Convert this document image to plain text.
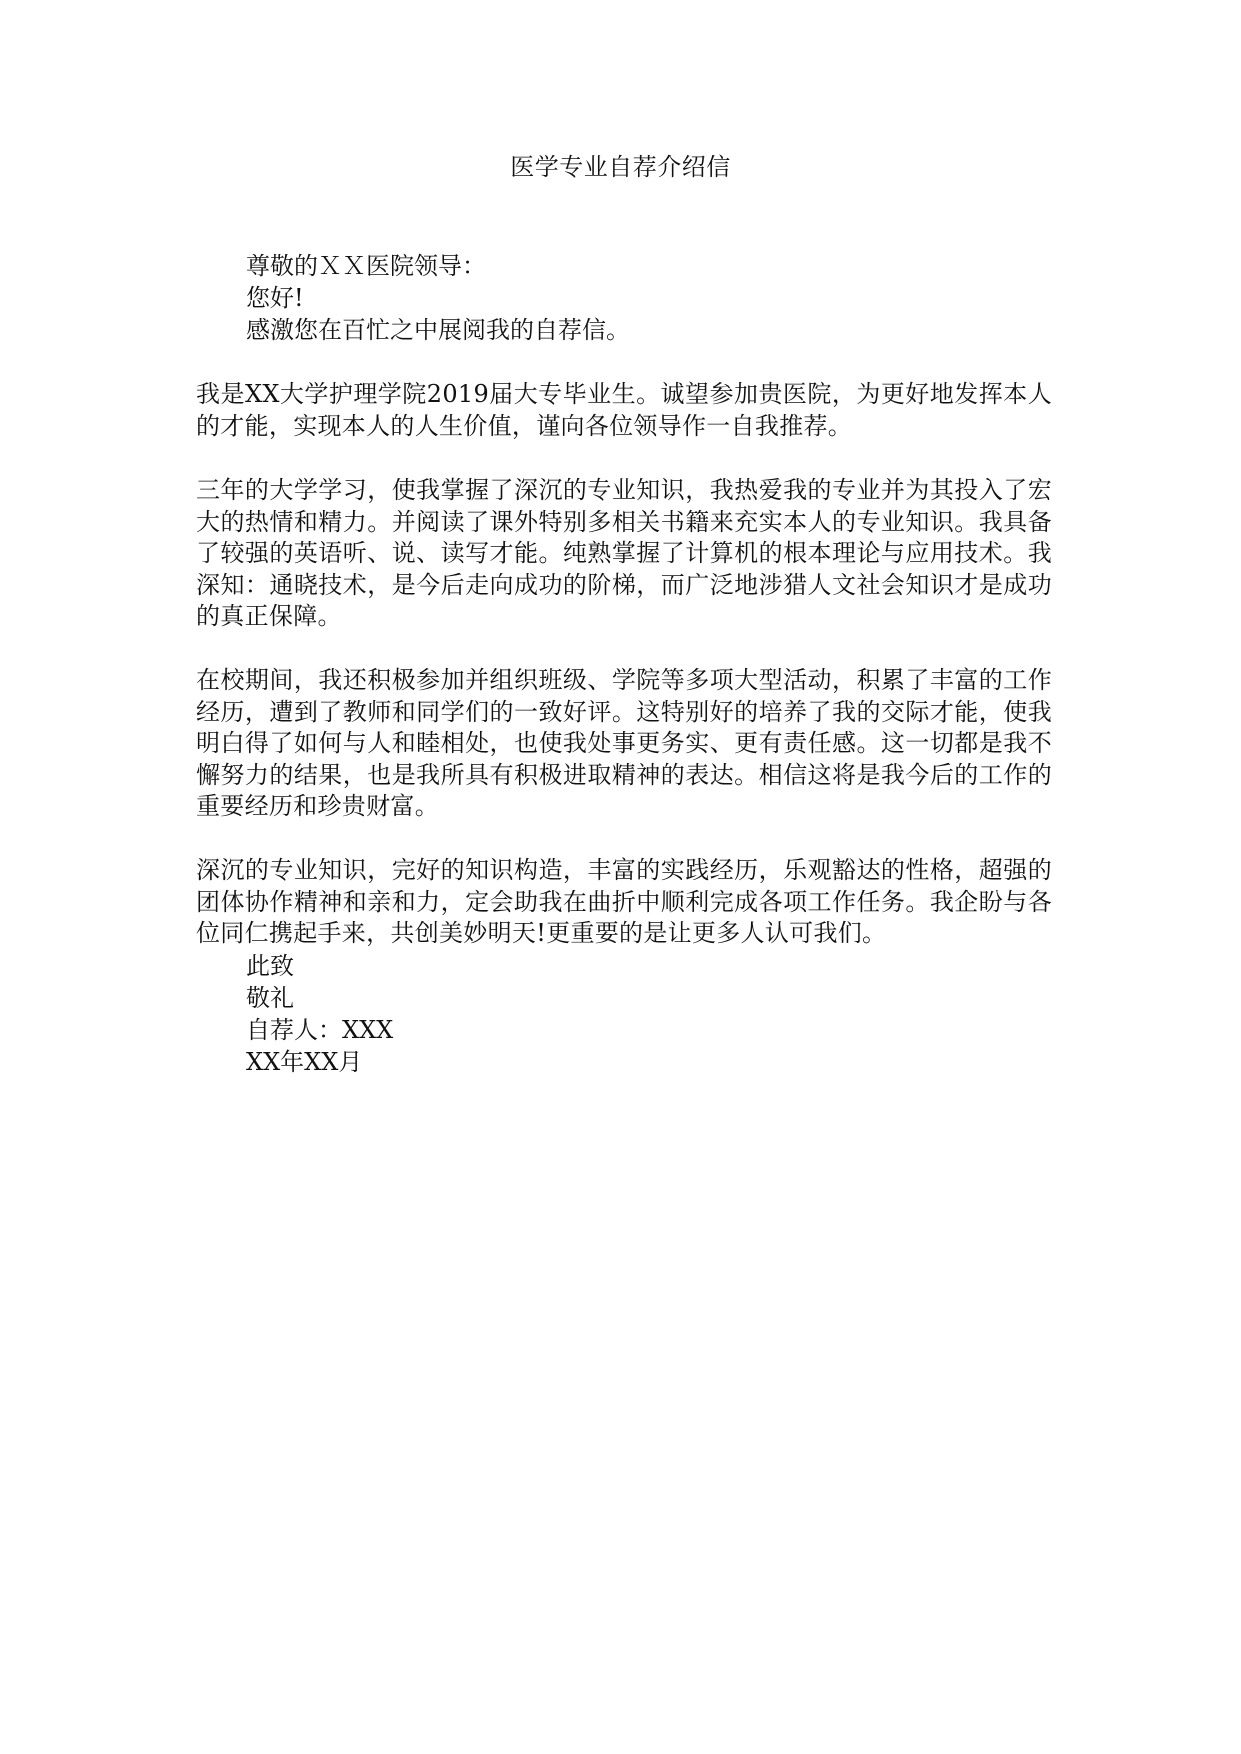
医学专业自荐介绍信
尊敬的ＸＸ医院领导：
您好!
感激您在百忙之中展阅我的自荐信。
我是XX大学护理学院2019届大专毕业生。诚望参加贵医院，为更好地发挥本人的才能，实现本人的人生价值，谨向各位领导作一自我推荐。
三年的大学学习，使我掌握了深沉的专业知识，我热爱我的专业并为其投入了宏大的热情和精力。并阅读了课外特别多相关书籍来充实本人的专业知识。我具备了较强的英语听、说、读写才能。纯熟掌握了计算机的根本理论与应用技术。我深知：通晓技术，是今后走向成功的阶梯，而广泛地涉猎人文社会知识才是成功的真正保障。
在校期间，我还积极参加并组织班级、学院等多项大型活动，积累了丰富的工作经历，遭到了教师和同学们的一致好评。这特别好的培养了我的交际才能，使我明白得了如何与人和睦相处，也使我处事更务实、更有责任感。这一切都是我不懈努力的结果，也是我所具有积极进取精神的表达。相信这将是我今后的工作的重要经历和珍贵财富。
深沉的专业知识，完好的知识构造，丰富的实践经历，乐观豁达的性格，超强的团体协作精神和亲和力，定会助我在曲折中顺利完成各项工作任务。我企盼与各位同仁携起手来，共创美妙明天!更重要的是让更多人认可我们。
此致
敬礼
自荐人：XXX
XX年XX月
